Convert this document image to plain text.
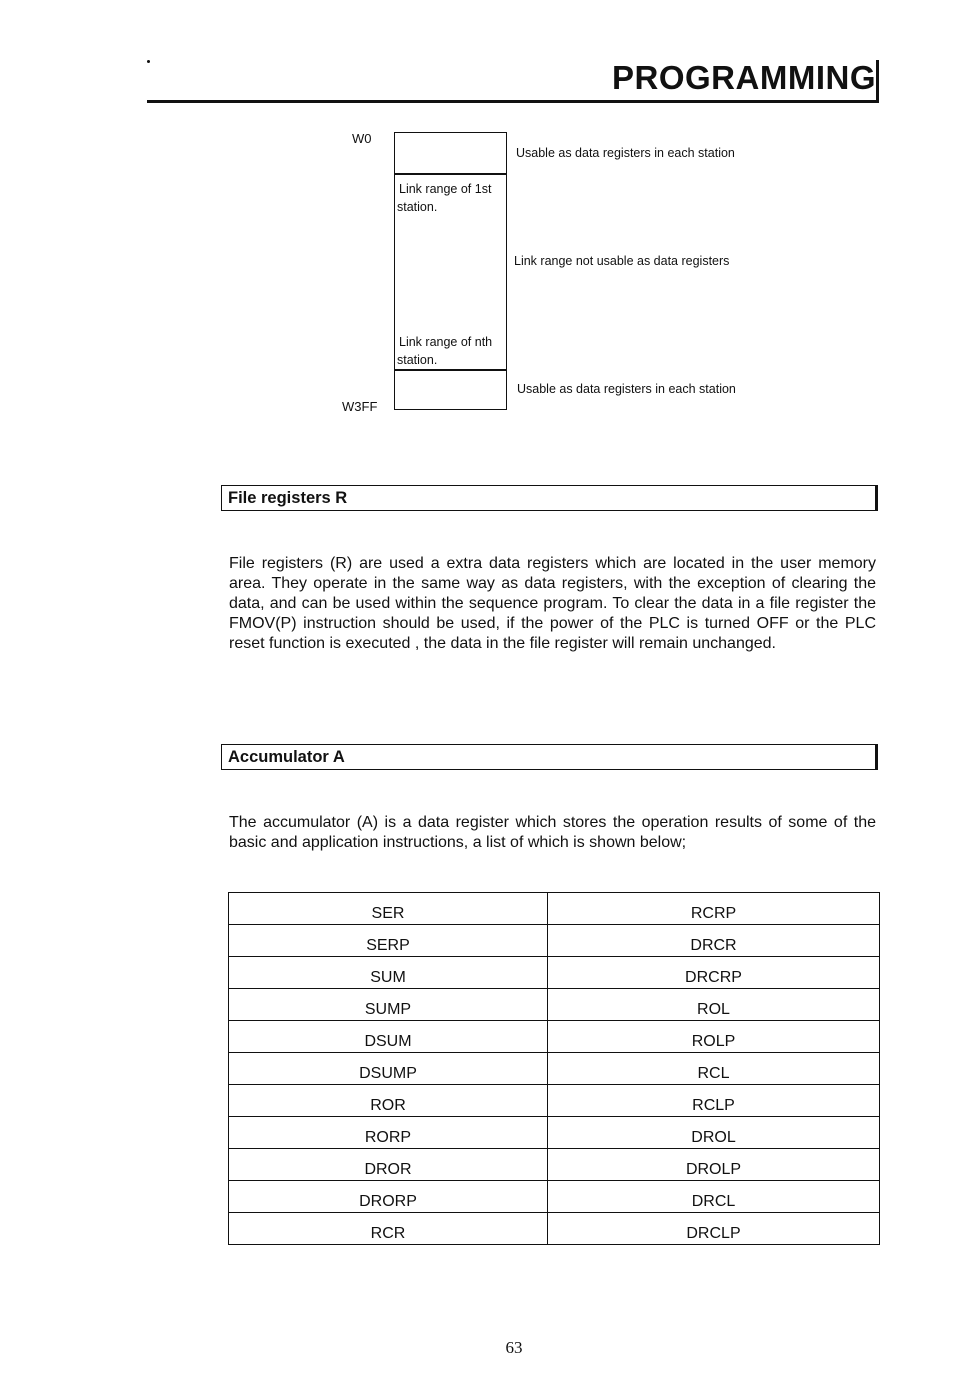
PROGRAMMING
W0
W3FF
Link range of 1st
station.
Link range of nth
station.
Usable as data registers in each station
Link range not usable as data registers
Usable as data registers in each station
File registers R
File registers (R) are used a extra data registers which are located in the user memory area. They operate in the same way as data registers, with the exception of clearing the data, and can be used within the sequence program. To clear the data in a file register the FMOV(P) instruction should be used, if the power of the PLC is turned OFF or the PLC reset function is executed , the data in the file register will remain unchanged.
Accumulator A
The accumulator (A) is a data register which stores the operation results of some of the basic and application instructions, a list of which is shown below;
SER	RCRP
SERP	DRCR
SUM	DRCRP
SUMP	ROL
DSUM	ROLP
DSUMP	RCL
ROR	RCLP
RORP	DROL
DROR	DROLP
DRORP	DRCL
RCR	DRCLP
63
